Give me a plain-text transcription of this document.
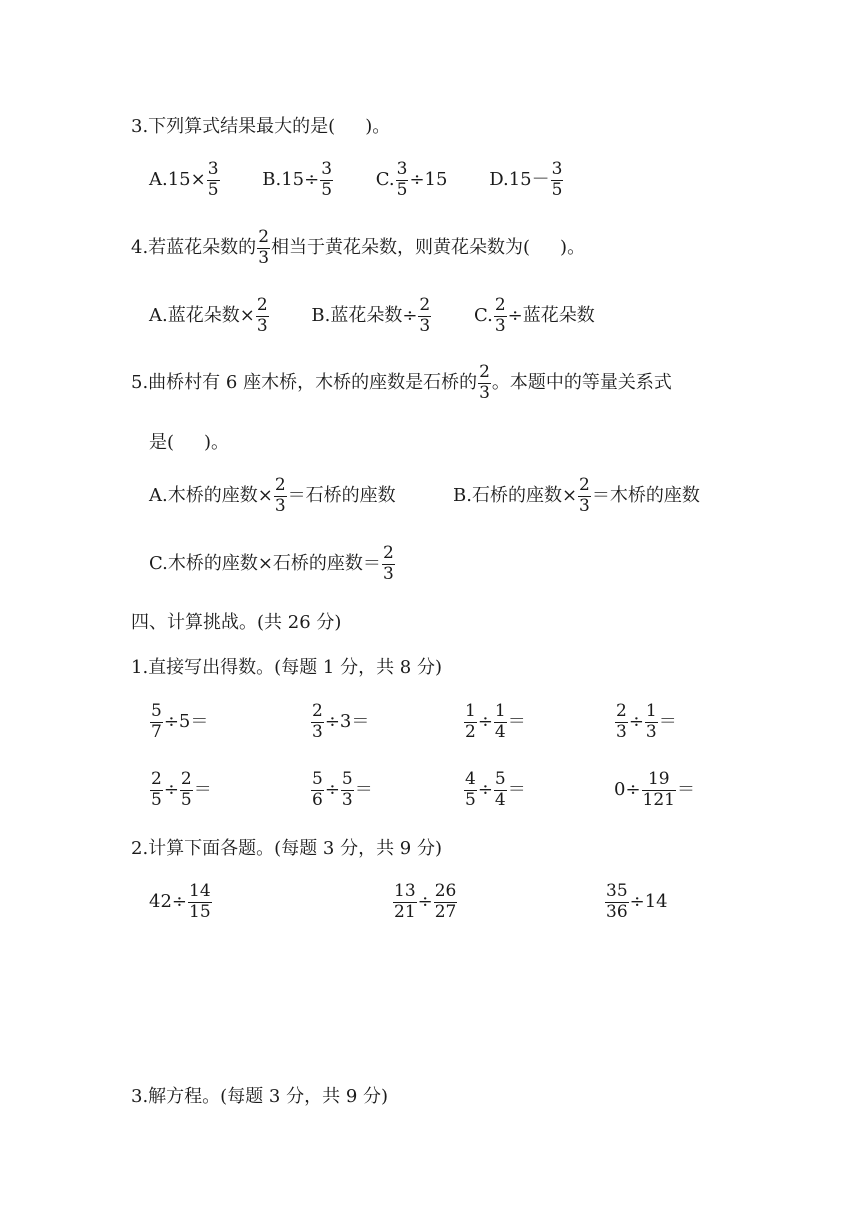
3.下列算式结果最大的是( )。
$A.15\times \frac{3}{5} B.15\div \frac{3}{5} C$. $\frac{3}{5} \div 15$ $D.15- \frac{3}{5}$
4.若蓝花朵数的 $\frac{2}{3}$ 相当于黄花朵数，则黄花朵数为( )。
A.蓝花朵数× $\frac{2}{3} B$.蓝花朵数÷ $\frac{2}{3} C$. $\frac{2}{3}$ ÷蓝花朵数
5.曲桥村有 6 座木桥，木桥的座数是石桥的 $\frac{2}{3}$ 。本题中的等量关系式
是( )。
A.木桥的座数× $\frac{2}{3}$ ＝石桥的座数	B.石桥的座数× $\frac{2}{3}$ ＝木桥的座数
C.木桥的座数×石桥的座数＝ $\frac{2}{3}$
四、计算挑战。(共 26 分)
1.直接写出得数。(每题 1 分，共 8 分)
$\frac{5}{7} \div 5=$	$\frac{2}{3} \div 3=$	$\frac{1}{2} \div \frac{1}{4}$ ＝	$\frac{2}{3} \div \frac{1}{3}$ ＝
$\frac{2}{5} \div \frac{2}{5}$ ＝	$\frac{5}{6} \div \frac{5}{3}$ ＝	$\frac{4}{5} \div \frac{5}{4}$ ＝	$0\div \frac{19}{121}$ ＝
2.计算下面各题。(每题 3 分，共 9 分)
$42\div \frac{14}{15}$	$\frac{13}{21} \div \frac{26}{27}$	$\frac{35}{36} \div 14$
3.解方程。(每题 3 分，共 9 分)
